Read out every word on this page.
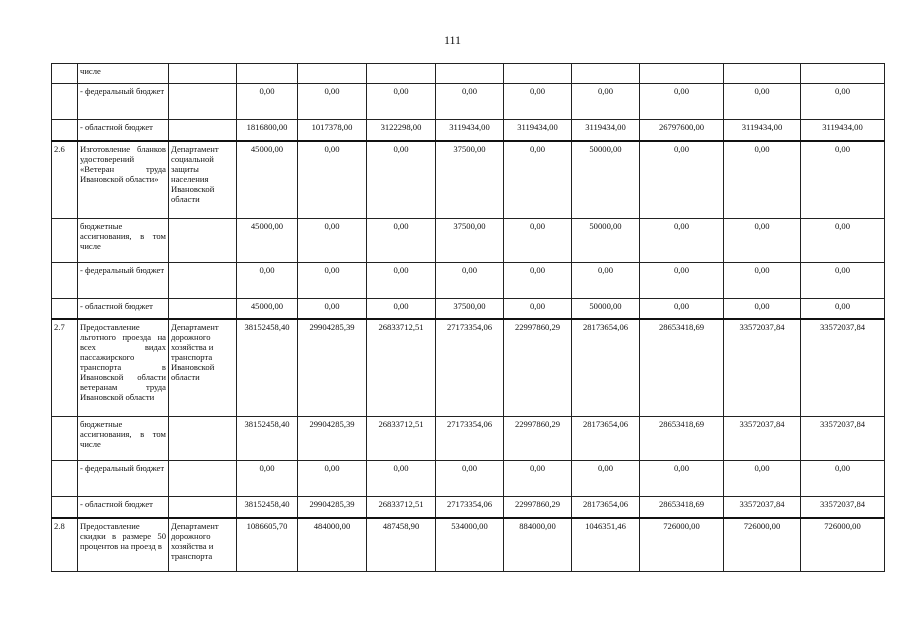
111
	числе										
	- федеральный бюджет		0,00	0,00	0,00	0,00	0,00	0,00	0,00	0,00	0,00
	- областной бюджет		1816800,00	1017378,00	3122298,00	3119434,00	3119434,00	3119434,00	26797600,00	3119434,00	3119434,00
2.6	Изготовление бланков удостоверений «Ветеран труда Ивановской области»	Департамент социальной защиты населения Ивановской области	45000,00	0,00	0,00	37500,00	0,00	50000,00	0,00	0,00	0,00
	бюджетные ассигнования, в том числе		45000,00	0,00	0,00	37500,00	0,00	50000,00	0,00	0,00	0,00
	- федеральный бюджет		0,00	0,00	0,00	0,00	0,00	0,00	0,00	0,00	0,00
	- областной бюджет		45000,00	0,00	0,00	37500,00	0,00	50000,00	0,00	0,00	0,00
2.7	Предоставление льготного проезда на всех видах пассажирского транспорта в Ивановской области ветеранам труда Ивановской области	Департамент дорожного хозяйства и транспорта Ивановской области	38152458,40	29904285,39	26833712,51	27173354,06	22997860,29	28173654,06	28653418,69	33572037,84	33572037,84
	бюджетные ассигнования, в том числе		38152458,40	29904285,39	26833712,51	27173354,06	22997860,29	28173654,06	28653418,69	33572037,84	33572037,84
	- федеральный бюджет		0,00	0,00	0,00	0,00	0,00	0,00	0,00	0,00	0,00
	- областной бюджет		38152458,40	29904285,39	26833712,51	27173354,06	22997860,29	28173654,06	28653418,69	33572037,84	33572037,84
2.8	Предоставление скидки в размере 50 процентов на проезд в	Департамент дорожного хозяйства и транспорта	1086605,70	484000,00	487458,90	534000,00	884000,00	1046351,46	726000,00	726000,00	726000,00
